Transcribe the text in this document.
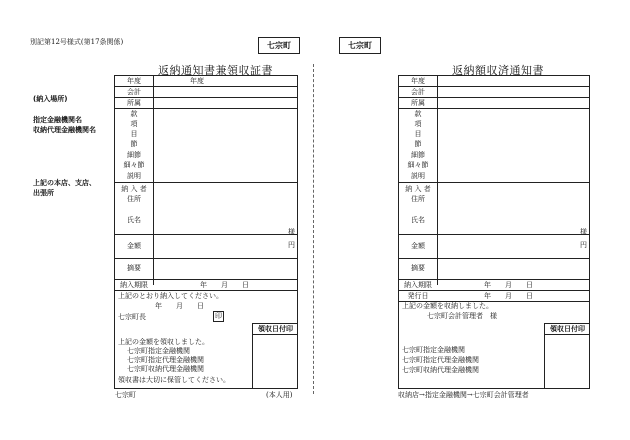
別記第12号様式(第17条関係)	七宗町	七宗町
(納入場所)
指定金融機関名
収納代理金融機関名
上記の本店、支店、
出張所
返納通知書兼領収証書	返納額収済通知書
年度	年度
会計
所属
款
項
目
節
細節
細々節
説明
納 入 者
住所
氏名
様
金額	円
摘要
納入期限	年　　月　　日
上記のとおり納入してください。
年　　月　　日
七宗町長	印
領収日付印
上記の金額を領収しました。
七宗町指定金融機関
七宗町指定代理金融機関
七宗町収納代理金融機関
領収書は大切に保管してください。
七宗町	(本人用)
年度
会計
所属
款
項
目
節
細節
細々節
説明
納 入 者
住所
氏名
様
金額	円
摘要
納入期限	年　　月　　日
発行日	年　　月　　日
上記の金額を収納しました。
七宗町会計管理者　様
領収日付印
七宗町指定金融機関
七宗町指定代理金融機関
七宗町収納代理金融機関
収納店→指定金融機関→七宗町会計管理者
